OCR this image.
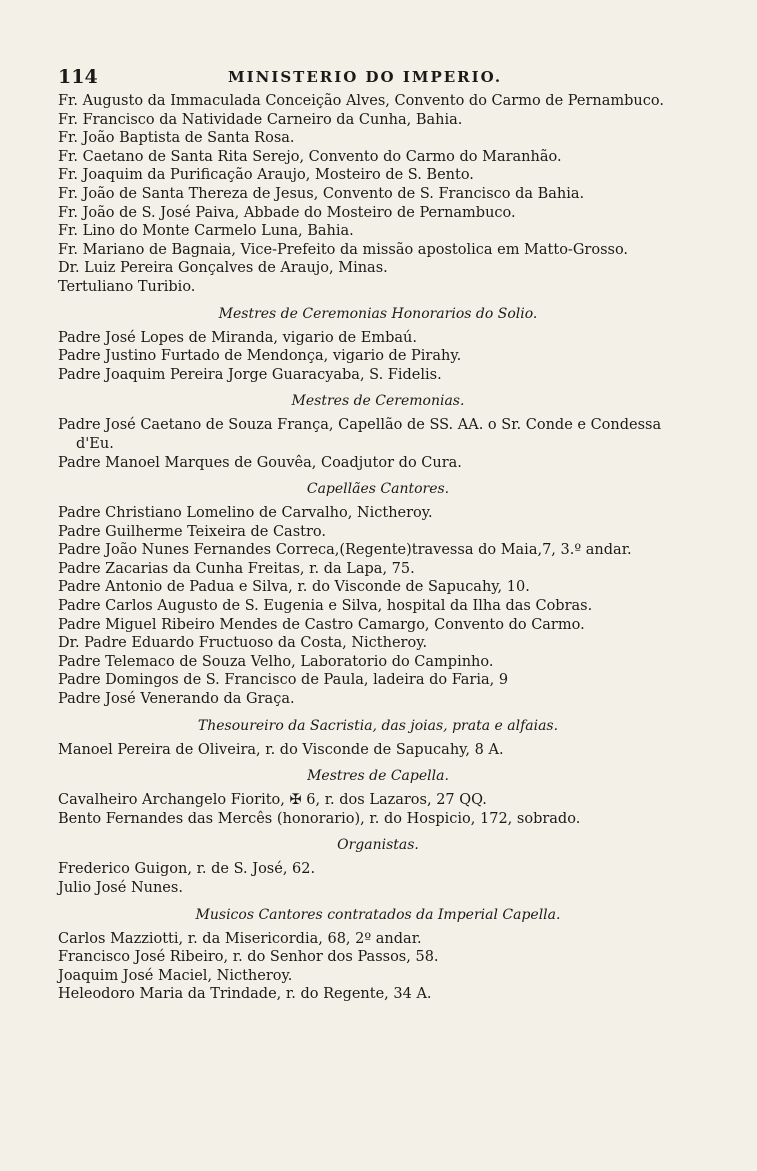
114	MINISTERIO DO IMPERIO.
Fr. Augusto da Immaculada Conceição Alves, Convento do Carmo de Pernambuco.
Fr. Francisco da Natividade Carneiro da Cunha, Bahia.
Fr. João Baptista de Santa Rosa.
Fr. Caetano de Santa Rita Serejo, Convento do Carmo do Maranhão.
Fr. Joaquim da Purificação Araujo, Mosteiro de S. Bento.
Fr. João de Santa Thereza de Jesus, Convento de S. Francisco da Bahia.
Fr. João de S. José Paiva, Abbade do Mosteiro de Pernambuco.
Fr. Lino do Monte Carmelo Luna, Bahia.
Fr. Mariano de Bagnaia, Vice-Prefeito da missão apostolica em Matto-Grosso.
Dr. Luiz Pereira Gonçalves de Araujo, Minas.
Tertuliano Turibio.
Mestres de Ceremonias Honorarios do Solio.
Padre José Lopes de Miranda, vigario de Embaú.
Padre Justino Furtado de Mendonça, vigario de Pirahy.
Padre Joaquim Pereira Jorge Guaracyaba, S. Fidelis.
Mestres de Ceremonias.
Padre José Caetano de Souza França, Capellão de SS. AA. o Sr. Conde e Condessa d'Eu.
Padre Manoel Marques de Gouvêa, Coadjutor do Cura.
Capellães Cantores.
Padre Christiano Lomelino de Carvalho, Nictheroy.
Padre Guilherme Teixeira de Castro.
Padre João Nunes Fernandes Correca,(Regente)travessa do Maia,7, 3.º andar.
Padre Zacarias da Cunha Freitas, r. da Lapa, 75.
Padre Antonio de Padua e Silva, r. do Visconde de Sapucahy, 10.
Padre Carlos Augusto de S. Eugenia e Silva, hospital da Ilha das Cobras.
Padre Miguel Ribeiro Mendes de Castro Camargo, Convento do Carmo.
Dr. Padre Eduardo Fructuoso da Costa, Nictheroy.
Padre Telemaco de Souza Velho, Laboratorio do Campinho.
Padre Domingos de S. Francisco de Paula, ladeira do Faria, 9
Padre José Venerando da Graça.
Thesoureiro da Sacristia, das joias, prata e alfaias.
Manoel Pereira de Oliveira, r. do Visconde de Sapucahy, 8 A.
Mestres de Capella.
Cavalheiro Archangelo Fiorito, ✠ 6, r. dos Lazaros, 27 QQ.
Bento Fernandes das Mercês (honorario), r. do Hospicio, 172, sobrado.
Organistas.
Frederico Guigon, r. de S. José, 62.
Julio José Nunes.
Musicos Cantores contratados da Imperial Capella.
Carlos Mazziotti, r. da Misericordia, 68, 2º andar.
Francisco José Ribeiro, r. do Senhor dos Passos, 58.
Joaquim José Maciel, Nictheroy.
Heleodoro Maria da Trindade, r. do Regente, 34 A.
